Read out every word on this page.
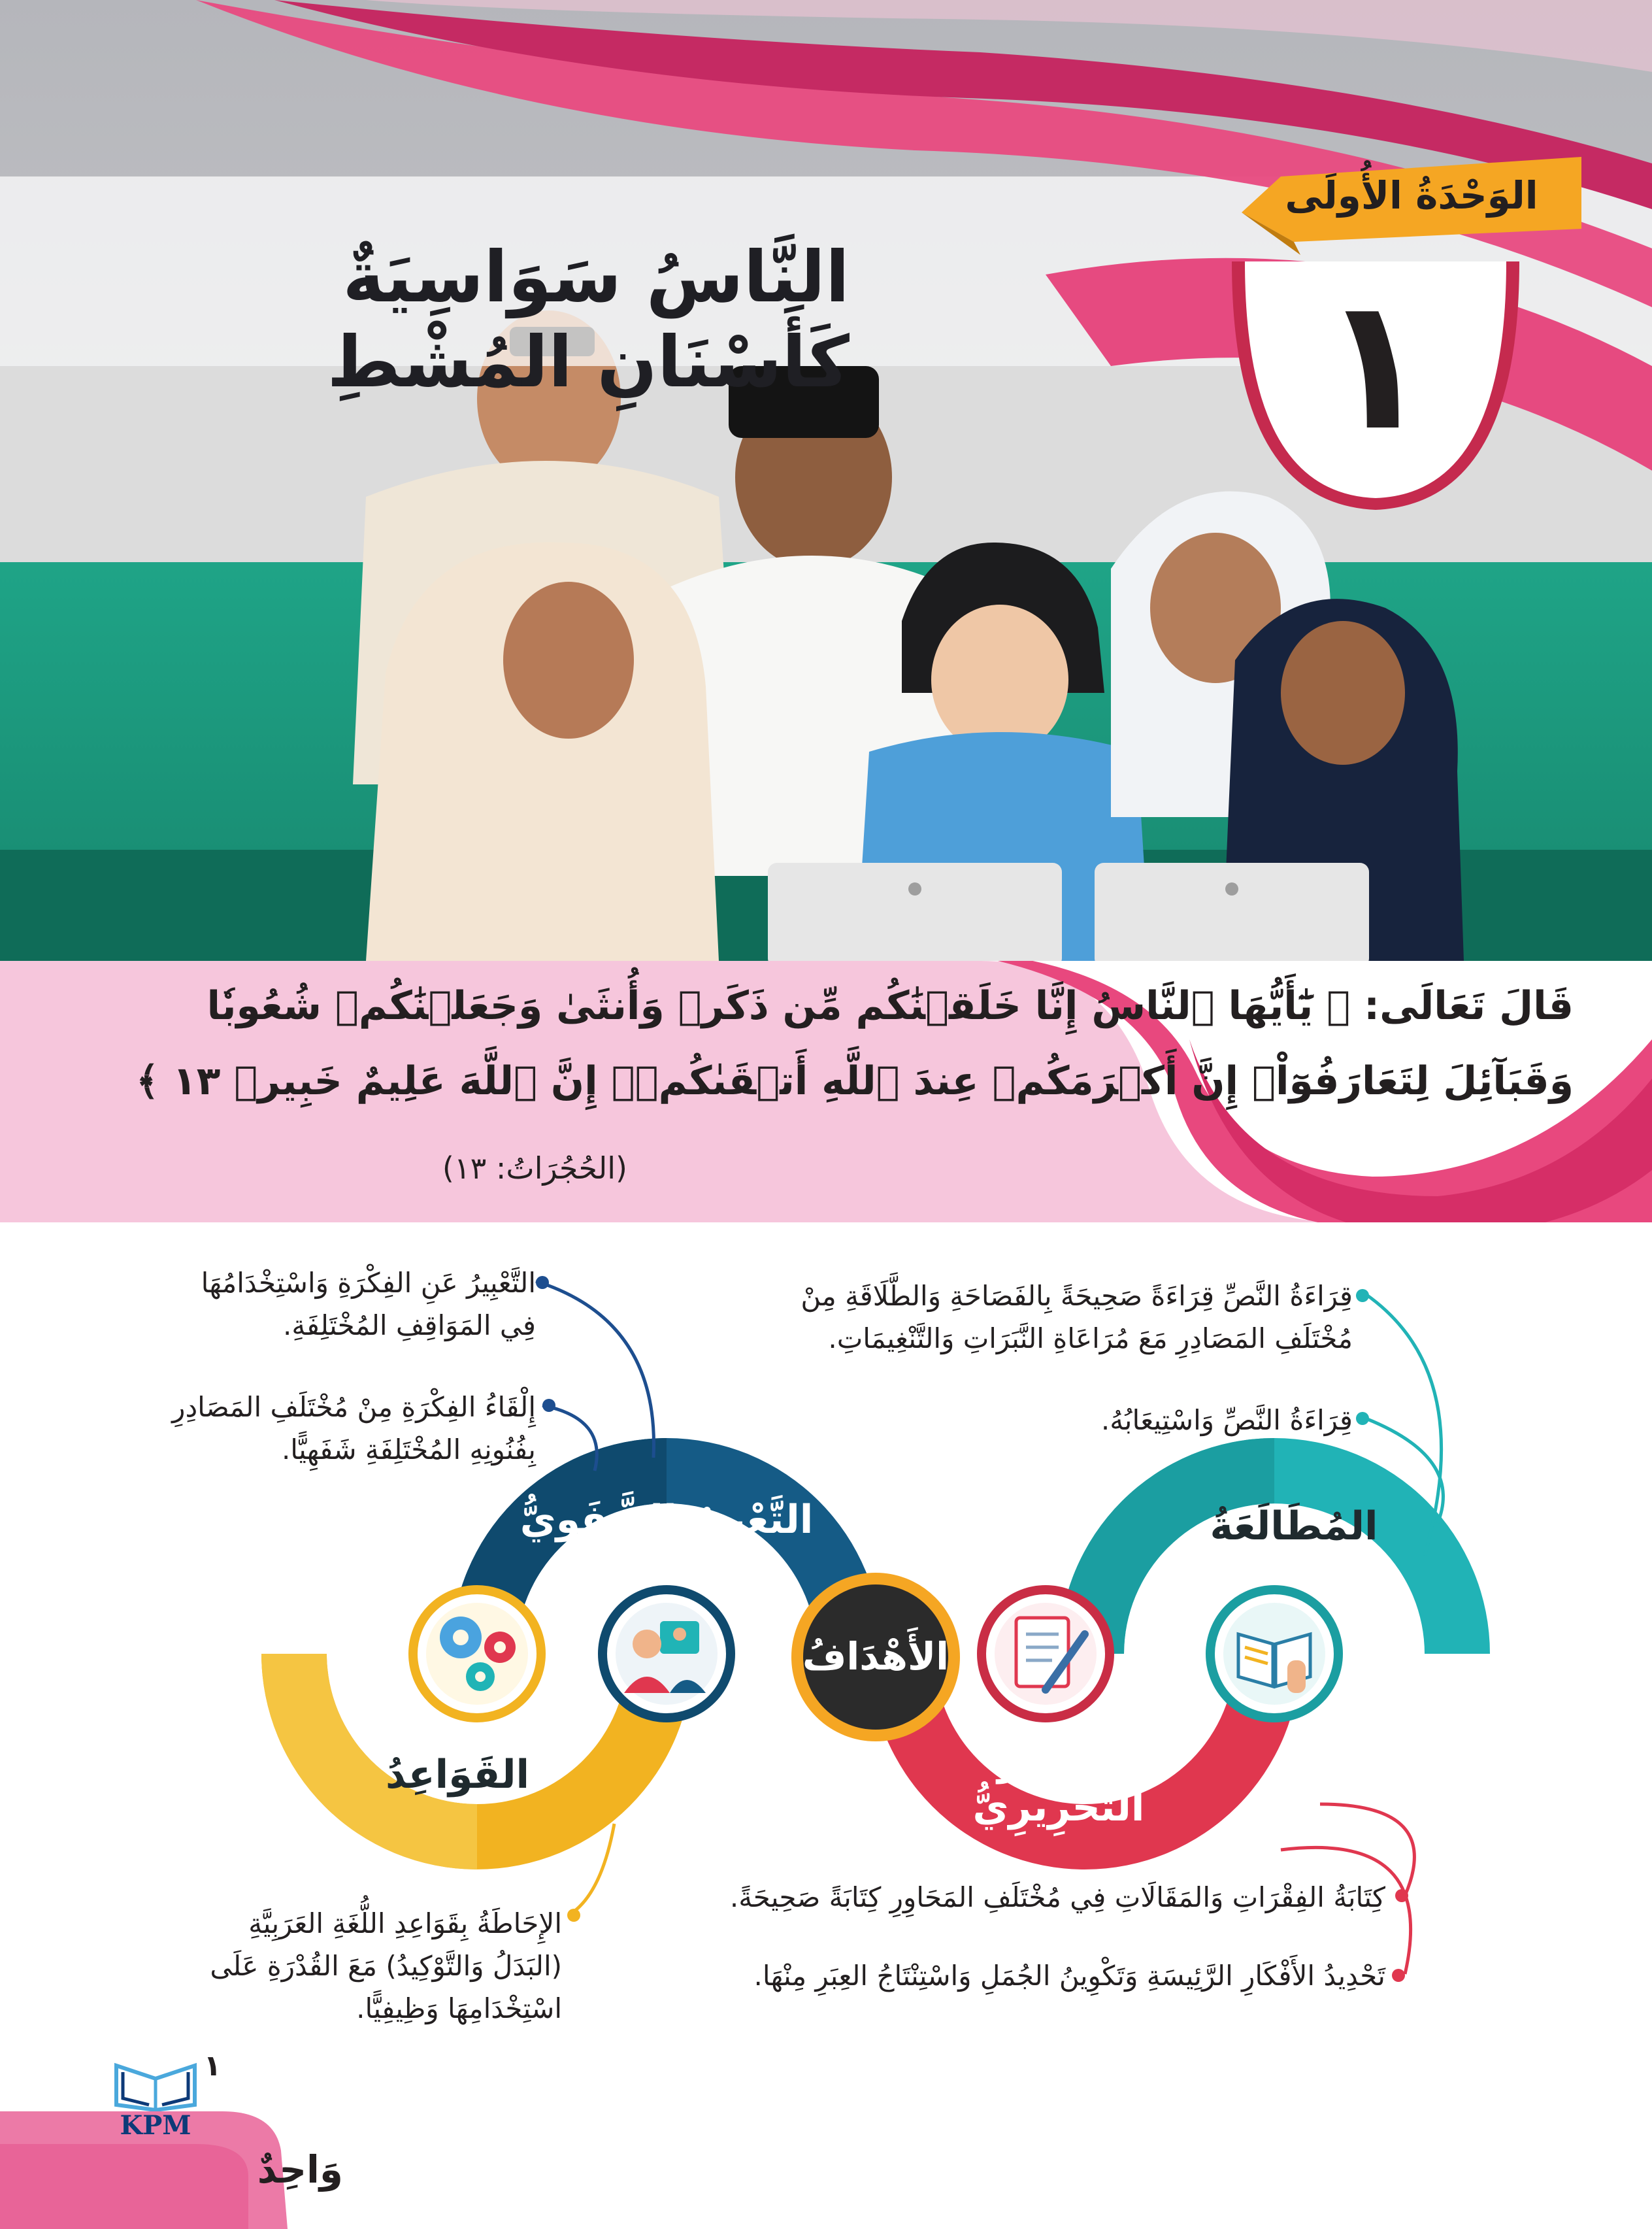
النَّاسُ سَوَاسِيَةٌ كَأَسْنَانِ المُشْطِ
الوَحْدَةُ الأُولَى
١
قَالَ تَعَالَى: ﴿ يَٰٓأَيُّهَا ٱلنَّاسُ إِنَّا خَلَقۡنَٰكُم مِّن ذَكَرٖ وَأُنثَىٰ وَجَعَلۡنَٰكُمۡ شُعُوبٗا
وَقَبَآئِلَ لِتَعَارَفُوٓاْۚ إِنَّ أَكۡرَمَكُمۡ عِندَ ٱللَّهِ أَتۡقَىٰكُمۡۚ إِنَّ ٱللَّهَ عَلِيمٌ خَبِيرٞ ١٣ ﴾
(الحُجُرَاتُ: ١٣)
المُطَالَعَةُ
التَّعْبِيرُ الشَّفَوِيُّ
التَّعْبِيرُ التَّحْرِيرِيُّ
القَوَاعِدُ
الأَهْدَافُ
قِرَاءَةُ النَّصِّ قِرَاءَةً صَحِيحَةً بِالفَصَاحَةِ وَالطَّلَاقَةِ مِنْ مُخْتَلَفِ المَصَادِرِ مَعَ مُرَاعَاةِ النَّبَرَاتِ وَالتَّنْغِيمَاتِ.
قِرَاءَةُ النَّصِّ وَاسْتِيعَابُهُ.
التَّعْبِيرُ عَنِ الفِكْرَةِ وَاسْتِخْدَامُهَا فِي المَوَاقِفِ المُخْتَلِفَةِ.
إِلْقَاءُ الفِكْرَةِ مِنْ مُخْتَلَفِ المَصَادِرِ بِفُنُونِهِ المُخْتَلِفَةِ شَفَهِيًّا.
كِتَابَةُ الفِقْرَاتِ وَالمَقَالَاتِ فِي مُخْتَلَفِ المَحَاوِرِ كِتَابَةً صَحِيحَةً.
تَحْدِيدُ الأَفْكَارِ الرَّئِيسَةِ وَتَكْوِينُ الجُمَلِ وَاسْتِنْتَاجُ العِبَرِ مِنْهَا.
الإِحَاطَةُ بِقَوَاعِدِ اللُّغَةِ العَرَبِيَّةِ (البَدَلُ وَالتَّوْكِيدُ) مَعَ القُدْرَةِ عَلَى اسْتِخْدَامِهَا وَظِيفِيًّا.
KPM
١
وَاحِدٌ
